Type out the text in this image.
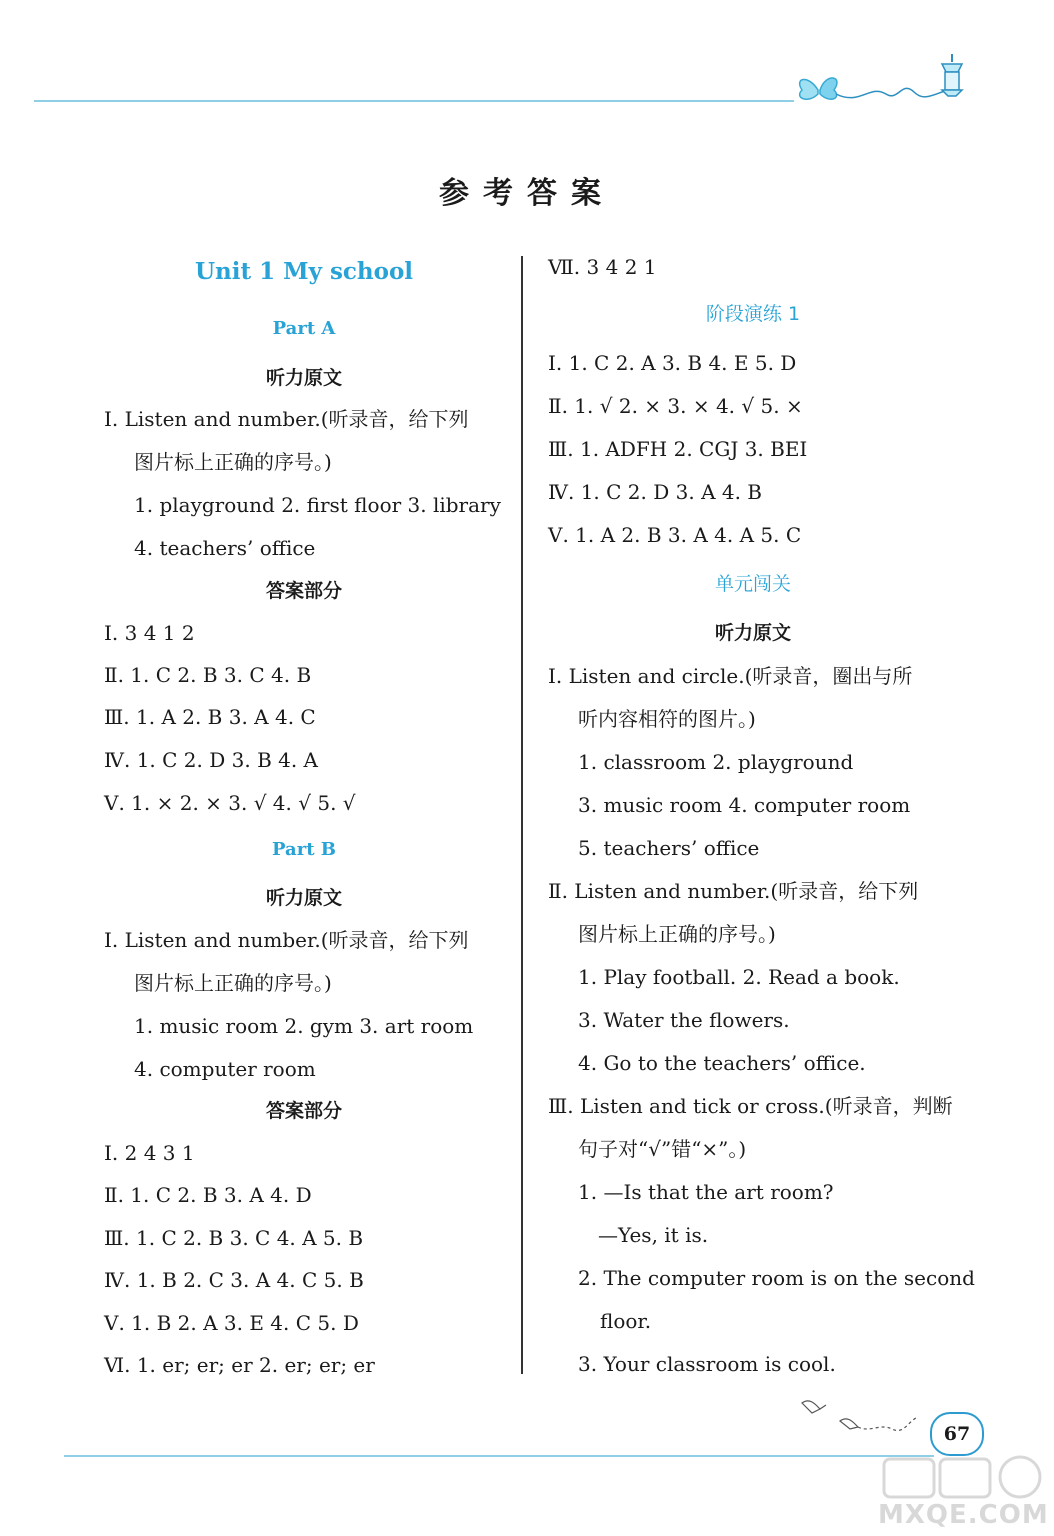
参考答案
Unit 1 My school
Part A
听力原文
Ⅰ. Listen and number.(听录音，给下列
图片标上正确的序号。)
1. playground 2. first floor 3. library
4. teachers’ office
答案部分
Ⅰ. 3 4 1 2
Ⅱ. 1. C 2. B 3. C 4. B
Ⅲ. 1. A 2. B 3. A 4. C
Ⅳ. 1. C 2. D 3. B 4. A
Ⅴ. 1. × 2. × 3. √ 4. √ 5. √
Part B
听力原文
Ⅰ. Listen and number.(听录音，给下列
图片标上正确的序号。)
1. music room 2. gym 3. art room
4. computer room
答案部分
Ⅰ. 2 4 3 1
Ⅱ. 1. C 2. B 3. A 4. D
Ⅲ. 1. C 2. B 3. C 4. A 5. B
Ⅳ. 1. B 2. C 3. A 4. C 5. B
Ⅴ. 1. B 2. A 3. E 4. C 5. D
Ⅵ. 1. er; er; er 2. er; er; er
Ⅶ. 3 4 2 1
阶段演练 1
Ⅰ. 1. C 2. A 3. B 4. E 5. D
Ⅱ. 1. √ 2. × 3. × 4. √ 5. ×
Ⅲ. 1. ADFH 2. CGJ 3. BEI
Ⅳ. 1. C 2. D 3. A 4. B
Ⅴ. 1. A 2. B 3. A 4. A 5. C
单元闯关
听力原文
Ⅰ. Listen and circle.(听录音，圈出与所
听内容相符的图片。)
1. classroom 2. playground
3. music room 4. computer room
5. teachers’ office
Ⅱ. Listen and number.(听录音，给下列
图片标上正确的序号。)
1. Play football. 2. Read a book.
3. Water the flowers.
4. Go to the teachers’ office.
Ⅲ. Listen and tick or cross.(听录音，判断
句子对“√”错“×”。)
1. —Is that the art room?
—Yes, it is.
2. The computer room is on the second
floor.
3. Your classroom is cool.
67
MXQE.COM
